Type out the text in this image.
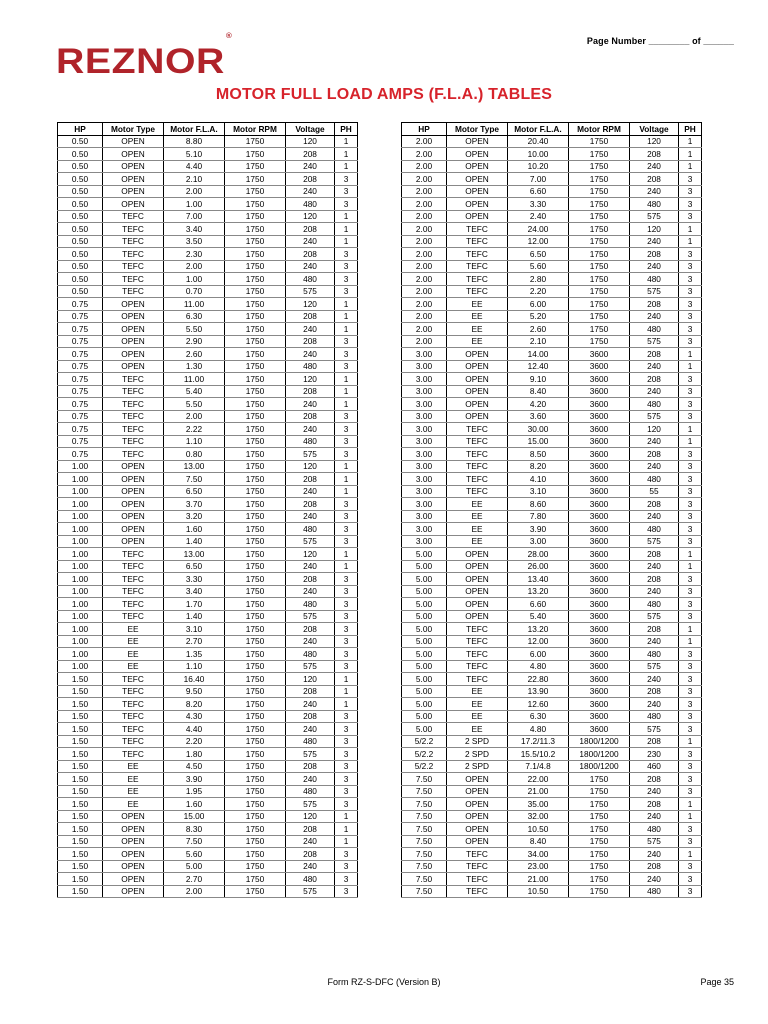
Page Number ________ of ______
REZNOR®
MOTOR FULL LOAD AMPS (F.L.A.) TABLES
HP	Motor Type	Motor F.L.A.	Motor RPM	Voltage	PH
0.50	OPEN	8.80	1750	120	1
0.50	OPEN	5.10	1750	208	1
0.50	OPEN	4.40	1750	240	1
0.50	OPEN	2.10	1750	208	3
0.50	OPEN	2.00	1750	240	3
0.50	OPEN	1.00	1750	480	3
0.50	TEFC	7.00	1750	120	1
0.50	TEFC	3.40	1750	208	1
0.50	TEFC	3.50	1750	240	1
0.50	TEFC	2.30	1750	208	3
0.50	TEFC	2.00	1750	240	3
0.50	TEFC	1.00	1750	480	3
0.50	TEFC	0.70	1750	575	3
0.75	OPEN	11.00	1750	120	1
0.75	OPEN	6.30	1750	208	1
0.75	OPEN	5.50	1750	240	1
0.75	OPEN	2.90	1750	208	3
0.75	OPEN	2.60	1750	240	3
0.75	OPEN	1.30	1750	480	3
0.75	TEFC	11.00	1750	120	1
0.75	TEFC	5.40	1750	208	1
0.75	TEFC	5.50	1750	240	1
0.75	TEFC	2.00	1750	208	3
0.75	TEFC	2.22	1750	240	3
0.75	TEFC	1.10	1750	480	3
0.75	TEFC	0.80	1750	575	3
1.00	OPEN	13.00	1750	120	1
1.00	OPEN	7.50	1750	208	1
1.00	OPEN	6.50	1750	240	1
1.00	OPEN	3.70	1750	208	3
1.00	OPEN	3.20	1750	240	3
1.00	OPEN	1.60	1750	480	3
1.00	OPEN	1.40	1750	575	3
1.00	TEFC	13.00	1750	120	1
1.00	TEFC	6.50	1750	240	1
1.00	TEFC	3.30	1750	208	3
1.00	TEFC	3.40	1750	240	3
1.00	TEFC	1.70	1750	480	3
1.00	TEFC	1.40	1750	575	3
1.00	EE	3.10	1750	208	3
1.00	EE	2.70	1750	240	3
1.00	EE	1.35	1750	480	3
1.00	EE	1.10	1750	575	3
1.50	TEFC	16.40	1750	120	1
1.50	TEFC	9.50	1750	208	1
1.50	TEFC	8.20	1750	240	1
1.50	TEFC	4.30	1750	208	3
1.50	TEFC	4.40	1750	240	3
1.50	TEFC	2.20	1750	480	3
1.50	TEFC	1.80	1750	575	3
1.50	EE	4.50	1750	208	3
1.50	EE	3.90	1750	240	3
1.50	EE	1.95	1750	480	3
1.50	EE	1.60	1750	575	3
1.50	OPEN	15.00	1750	120	1
1.50	OPEN	8.30	1750	208	1
1.50	OPEN	7.50	1750	240	1
1.50	OPEN	5.60	1750	208	3
1.50	OPEN	5.00	1750	240	3
1.50	OPEN	2.70	1750	480	3
1.50	OPEN	2.00	1750	575	3
HP	Motor Type	Motor F.L.A.	Motor RPM	Voltage	PH
2.00	OPEN	20.40	1750	120	1
2.00	OPEN	10.00	1750	208	1
2.00	OPEN	10.20	1750	240	1
2.00	OPEN	7.00	1750	208	3
2.00	OPEN	6.60	1750	240	3
2.00	OPEN	3.30	1750	480	3
2.00	OPEN	2.40	1750	575	3
2.00	TEFC	24.00	1750	120	1
2.00	TEFC	12.00	1750	240	1
2.00	TEFC	6.50	1750	208	3
2.00	TEFC	5.60	1750	240	3
2.00	TEFC	2.80	1750	480	3
2.00	TEFC	2.20	1750	575	3
2.00	EE	6.00	1750	208	3
2.00	EE	5.20	1750	240	3
2.00	EE	2.60	1750	480	3
2.00	EE	2.10	1750	575	3
3.00	OPEN	14.00	3600	208	1
3.00	OPEN	12.40	3600	240	1
3.00	OPEN	9.10	3600	208	3
3.00	OPEN	8.40	3600	240	3
3.00	OPEN	4.20	3600	480	3
3.00	OPEN	3.60	3600	575	3
3.00	TEFC	30.00	3600	120	1
3.00	TEFC	15.00	3600	240	1
3.00	TEFC	8.50	3600	208	3
3.00	TEFC	8.20	3600	240	3
3.00	TEFC	4.10	3600	480	3
3.00	TEFC	3.10	3600	55	3
3.00	EE	8.60	3600	208	3
3.00	EE	7.80	3600	240	3
3.00	EE	3.90	3600	480	3
3.00	EE	3.00	3600	575	3
5.00	OPEN	28.00	3600	208	1
5.00	OPEN	26.00	3600	240	1
5.00	OPEN	13.40	3600	208	3
5.00	OPEN	13.20	3600	240	3
5.00	OPEN	6.60	3600	480	3
5.00	OPEN	5.40	3600	575	3
5.00	TEFC	13.20	3600	208	1
5.00	TEFC	12.00	3600	240	1
5.00	TEFC	6.00	3600	480	3
5.00	TEFC	4.80	3600	575	3
5.00	TEFC	22.80	3600	240	3
5.00	EE	13.90	3600	208	3
5.00	EE	12.60	3600	240	3
5.00	EE	6.30	3600	480	3
5.00	EE	4.80	3600	575	3
5/2.2	2 SPD	17.2/11.3	1800/1200	208	1
5/2.2	2 SPD	15.5/10.2	1800/1200	230	3
5/2.2	2 SPD	7.1/4.8	1800/1200	460	3
7.50	OPEN	22.00	1750	208	3
7.50	OPEN	21.00	1750	240	3
7.50	OPEN	35.00	1750	208	1
7.50	OPEN	32.00	1750	240	1
7.50	OPEN	10.50	1750	480	3
7.50	OPEN	8.40	1750	575	3
7.50	TEFC	34.00	1750	240	1
7.50	TEFC	23.00	1750	208	3
7.50	TEFC	21.00	1750	240	3
7.50	TEFC	10.50	1750	480	3
Form RZ-S-DFC (Version B)	Page 35
